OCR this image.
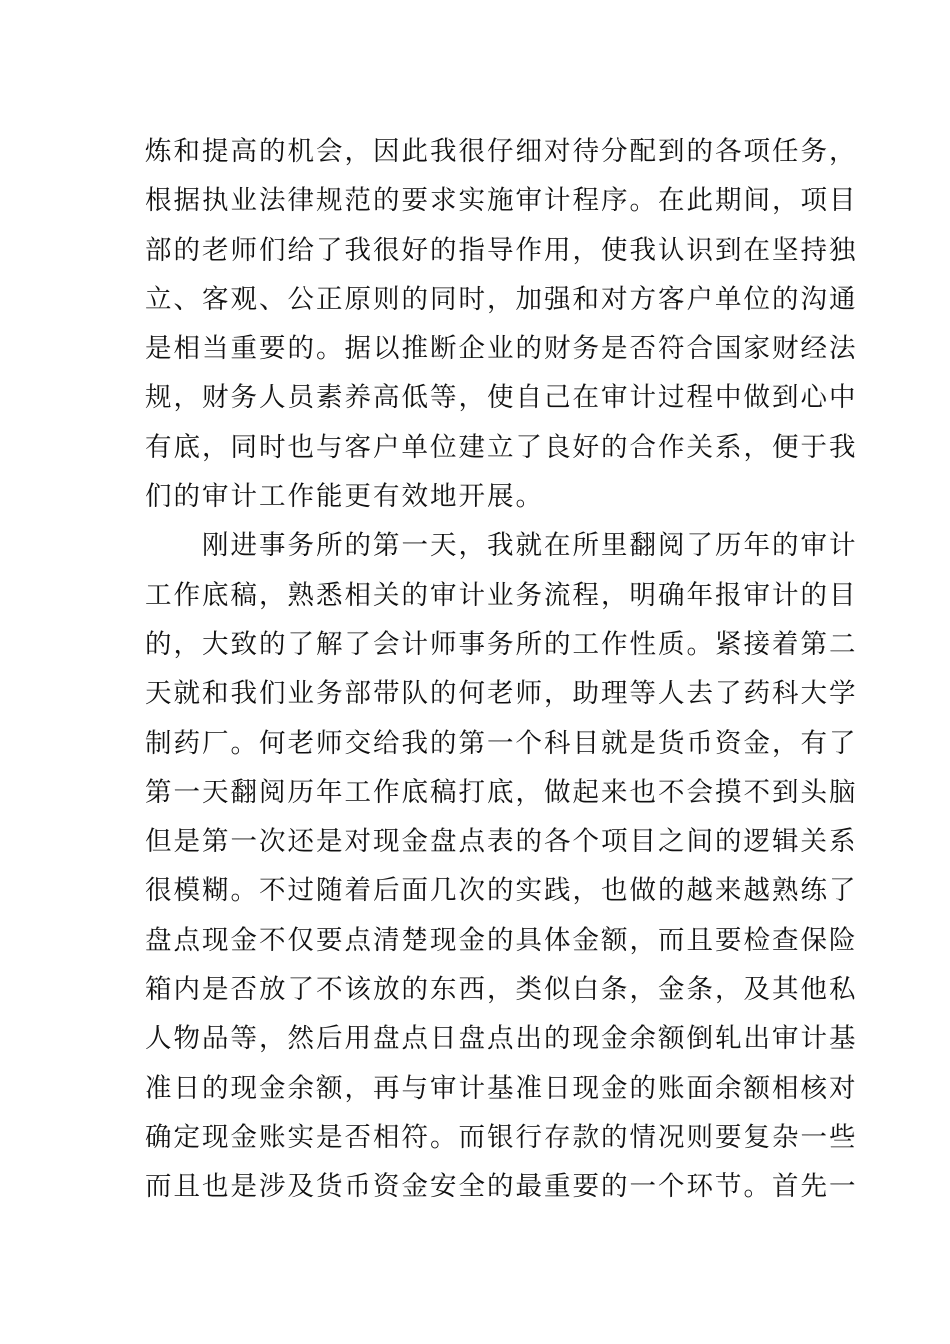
炼和提高的机会，因此我很仔细对待分配到的各项任务，
根据执业法律规范的要求实施审计程序。在此期间，项目
部的老师们给了我很好的指导作用，使我认识到在坚持独
立、客观、公正原则的同时，加强和对方客户单位的沟通
是相当重要的。据以推断企业的财务是否符合国家财经法
规，财务人员素养高低等，使自己在审计过程中做到心中
有底，同时也与客户单位建立了良好的合作关系，便于我
们的审计工作能更有效地开展。
刚进事务所的第一天，我就在所里翻阅了历年的审计
工作底稿，熟悉相关的审计业务流程，明确年报审计的目
的，大致的了解了会计师事务所的工作性质。紧接着第二
天就和我们业务部带队的何老师，助理等人去了药科大学
制药厂。何老师交给我的第一个科目就是货币资金，有了
第一天翻阅历年工作底稿打底，做起来也不会摸不到头脑
但是第一次还是对现金盘点表的各个项目之间的逻辑关系
很模糊。不过随着后面几次的实践，也做的越来越熟练了
盘点现金不仅要点清楚现金的具体金额，而且要检查保险
箱内是否放了不该放的东西，类似白条，金条，及其他私
人物品等，然后用盘点日盘点出的现金余额倒轧出审计基
准日的现金余额，再与审计基准日现金的账面余额相核对
确定现金账实是否相符。而银行存款的情况则要复杂一些
而且也是涉及货币资金安全的最重要的一个环节。首先一
